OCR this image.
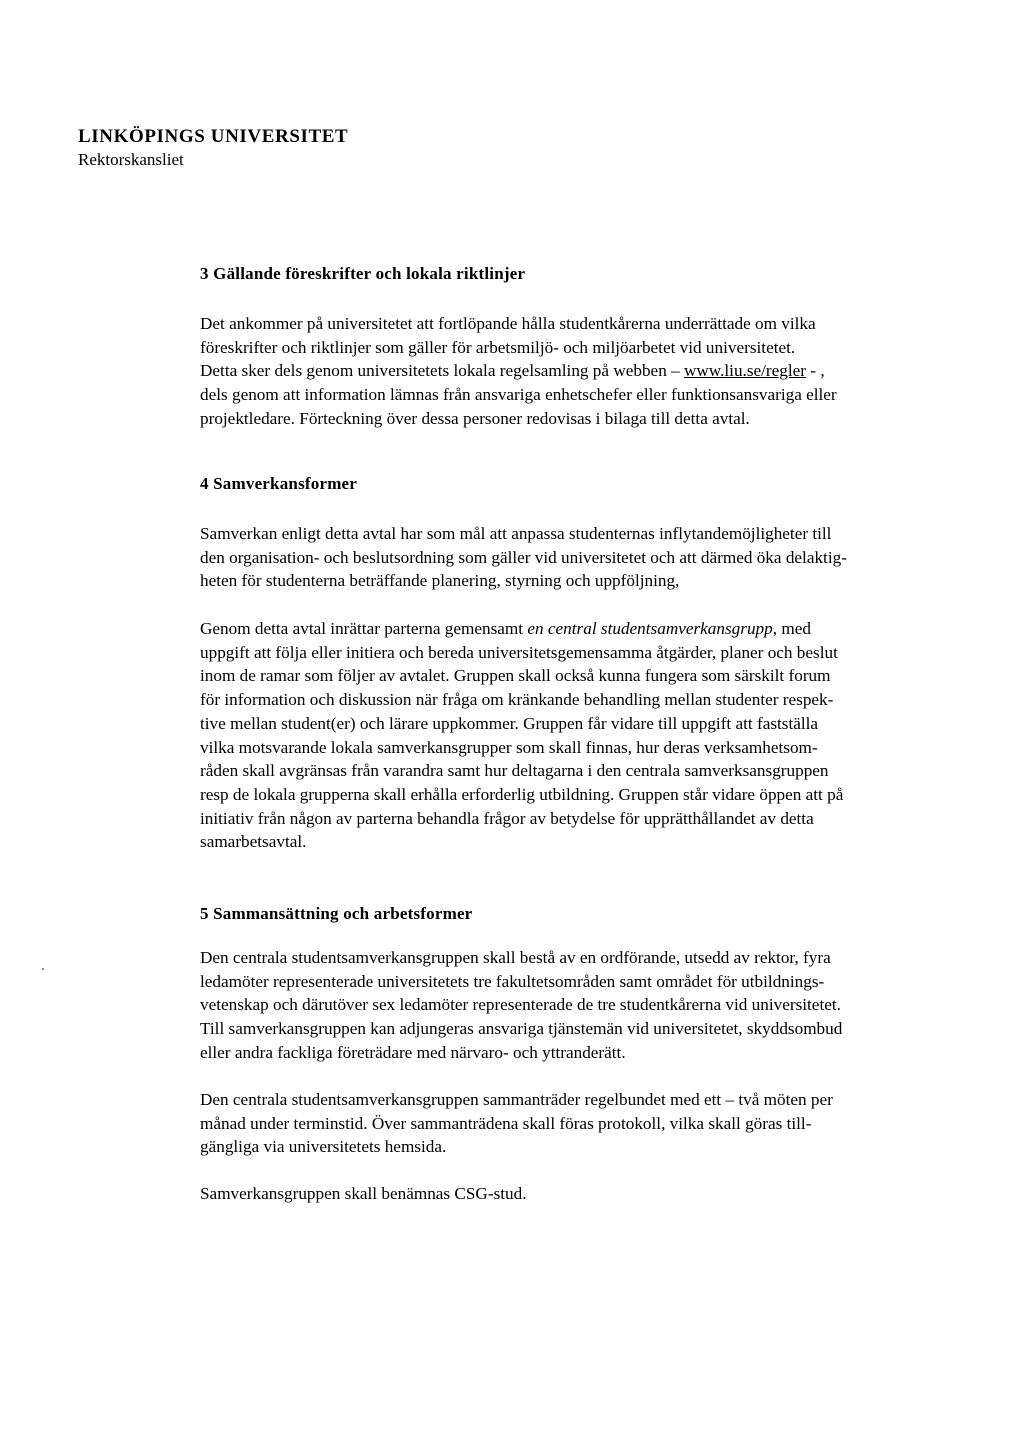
LINKÖPINGS UNIVERSITET
Rektorskansliet
3 Gällande föreskrifter och lokala riktlinjer
Det ankommer på universitetet att fortlöpande hålla studentkårerna underrättade om vilka
föreskrifter och riktlinjer som gäller för arbetsmiljö- och miljöarbetet vid universitetet.
Detta sker dels genom universitetets lokala regelsamling på webben – www.liu.se/regler - ,
dels genom att information lämnas från ansvariga enhetschefer eller funktionsansvariga eller
projektledare. Förteckning över dessa personer redovisas i bilaga till detta avtal.
4 Samverkansformer
Samverkan enligt detta avtal har som mål att anpassa studenternas inflytandemöjligheter till
den organisation- och beslutsordning som gäller vid universitetet och att därmed öka delaktig-
heten för studenterna beträffande planering, styrning och uppföljning,
Genom detta avtal inrättar parterna gemensamt en central studentsamverkansgrupp, med
uppgift att följa eller initiera och bereda universitetsgemensamma åtgärder, planer och beslut
inom de ramar som följer av avtalet. Gruppen skall också kunna fungera som särskilt forum
för information och diskussion när fråga om kränkande behandling mellan studenter respek-
tive mellan student(er) och lärare uppkommer. Gruppen får vidare till uppgift att fastställa
vilka motsvarande lokala samverkansgrupper som skall finnas, hur deras verksamhetsom-
råden skall avgränsas från varandra samt hur deltagarna i den centrala samverksansgruppen
resp de lokala grupperna skall erhålla erforderlig utbildning. Gruppen står vidare öppen att på
initiativ från någon av parterna behandla frågor av betydelse för upprätthållandet av detta
samarbetsavtal.
5 Sammansättning och arbetsformer
Den centrala studentsamverkansgruppen skall bestå av en ordförande, utsedd av rektor, fyra
ledamöter representerade universitetets tre fakultetsområden samt området för utbildnings-
vetenskap och därutöver sex ledamöter representerade de tre studentkårerna vid universitetet.
Till samverkansgruppen kan adjungeras ansvariga tjänstemän vid universitetet, skyddsombud
eller andra fackliga företrädare med närvaro- och yttranderätt.
Den centrala studentsamverkansgruppen sammanträder regelbundet med ett – två möten per
månad under terminstid. Över sammanträdena skall föras protokoll, vilka skall göras till-
gängliga via universitetets hemsida.
Samverkansgruppen skall benämnas CSG-stud.
